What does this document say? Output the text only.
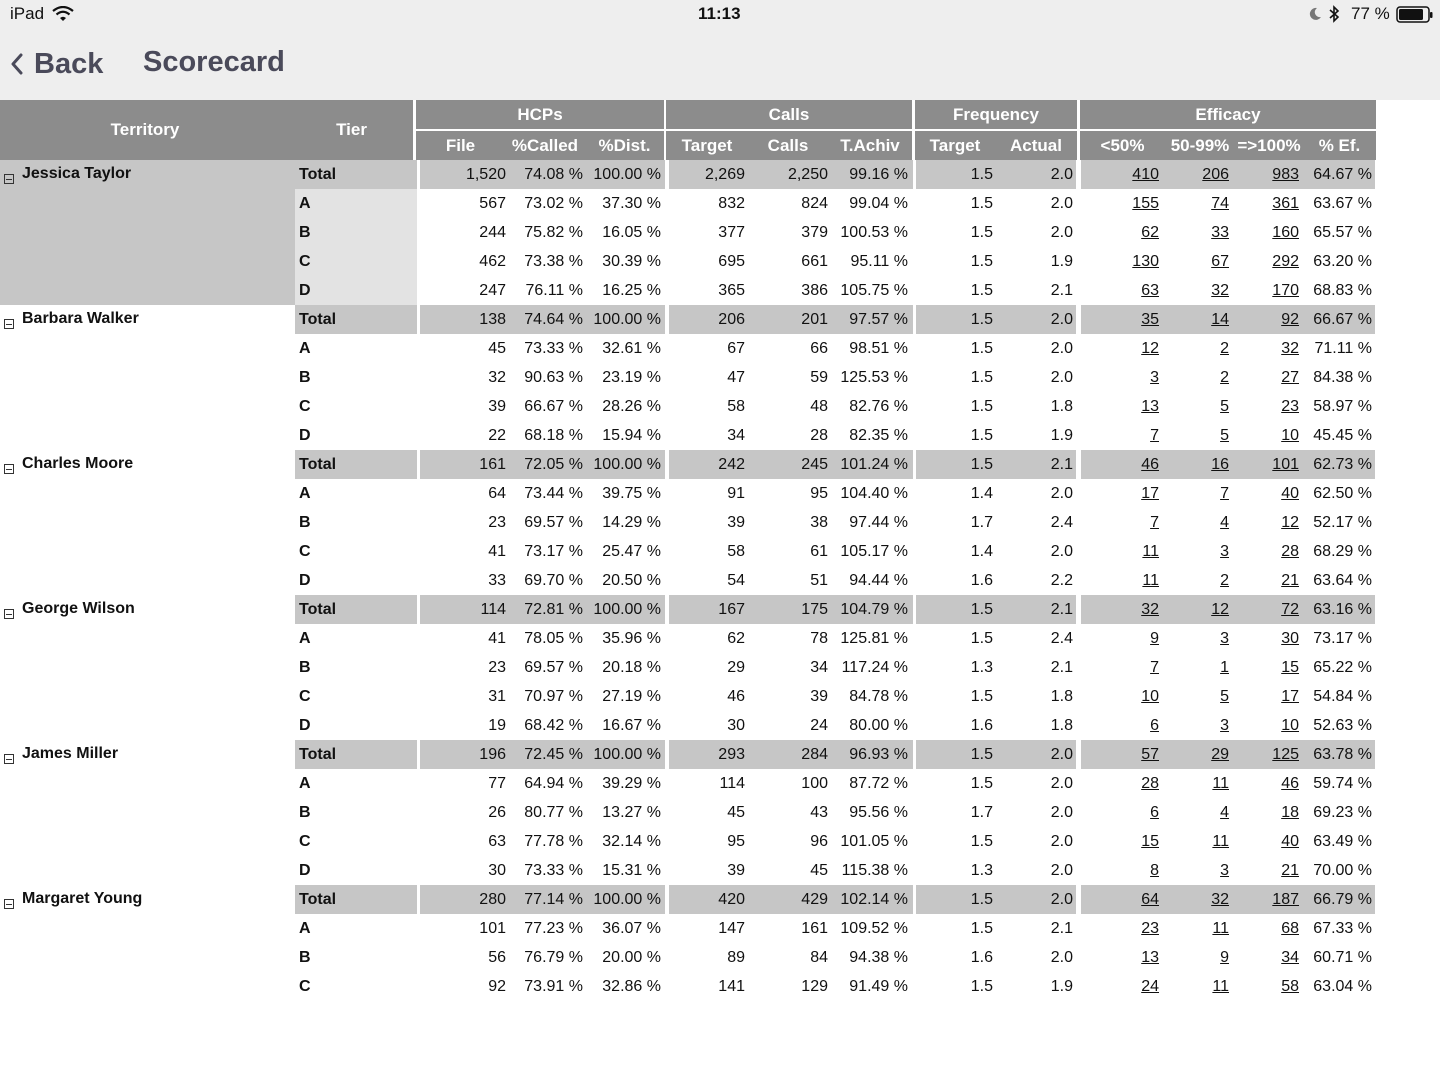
iPad	11:13	77 %
Back Scorecard
Territory	Tier
HCPs
File	%Called	%Dist.
Calls
Target	Calls	T.Achiv
Frequency
Target	Actual
Efficacy
<50%	50-99% =>100%	% Ef.
Jessica Taylor	Total	1,520	74.08 % 100.00 %	2,269	2,250	99.16 %	1.5	2.0	410	206	983 64.67 %
A	567	73.02 %	37.30 %	832	824	99.04 %	1.5	2.0	155	74	361 63.67 %
B	244	75.82 %	16.05 %	377	379 100.53 %	1.5	2.0	62	33	160 65.57 %
C	462	73.38 %	30.39 %	695	661	95.11 %	1.5	1.9	130	67	292 63.20 %
D	247	76.11 %	16.25 %	365	386 105.75 %	1.5	2.1	63	32	170 68.83 %
Barbara Walker	Total	138	74.64 % 100.00 %	206	201	97.57 %	1.5	2.0	35	14	92 66.67 %
A	45	73.33 %	32.61 %	67	66	98.51 %	1.5	2.0	12	2	32 71.11 %
B	32	90.63 %	23.19 %	47	59 125.53 %	1.5	2.0	3	2	27 84.38 %
C	39	66.67 %	28.26 %	58	48	82.76 %	1.5	1.8	13	5	23 58.97 %
D	22	68.18 %	15.94 %	34	28	82.35 %	1.5	1.9	7	5	10 45.45 %
Charles Moore	Total	161	72.05 % 100.00 %	242	245 101.24 %	1.5	2.1	46	16	101 62.73 %
A	64	73.44 %	39.75 %	91	95 104.40 %	1.4	2.0	17	7	40 62.50 %
B	23	69.57 %	14.29 %	39	38	97.44 %	1.7	2.4	7	4	12 52.17 %
C	41	73.17 %	25.47 %	58	61 105.17 %	1.4	2.0	11	3	28 68.29 %
D	33	69.70 %	20.50 %	54	51	94.44 %	1.6	2.2	11	2	21 63.64 %
George Wilson	Total	114	72.81 % 100.00 %	167	175 104.79 %	1.5	2.1	32	12	72 63.16 %
A	41	78.05 %	35.96 %	62	78 125.81 %	1.5	2.4	9	3	30 73.17 %
B	23	69.57 %	20.18 %	29	34 117.24 %	1.3	2.1	7	1	15 65.22 %
C	31	70.97 %	27.19 %	46	39	84.78 %	1.5	1.8	10	5	17 54.84 %
D	19	68.42 %	16.67 %	30	24	80.00 %	1.6	1.8	6	3	10 52.63 %
James Miller	Total	196	72.45 % 100.00 %	293	284	96.93 %	1.5	2.0	57	29	125 63.78 %
A	77	64.94 %	39.29 %	114	100	87.72 %	1.5	2.0	28	11	46 59.74 %
B	26	80.77 %	13.27 %	45	43	95.56 %	1.7	2.0	6	4	18 69.23 %
C	63	77.78 %	32.14 %	95	96 101.05 %	1.5	2.0	15	11	40 63.49 %
D	30	73.33 %	15.31 %	39	45 115.38 %	1.3	2.0	8	3	21 70.00 %
Margaret Young	Total	280	77.14 % 100.00 %	420	429 102.14 %	1.5	2.0	64	32	187 66.79 %
A	101	77.23 %	36.07 %	147	161 109.52 %	1.5	2.1	23	11	68 67.33 %
B	56	76.79 %	20.00 %	89	84	94.38 %	1.6	2.0	13	9	34 60.71 %
C	92	73.91 %	32.86 %	141	129	91.49 %	1.5	1.9	24	11	58 63.04 %
